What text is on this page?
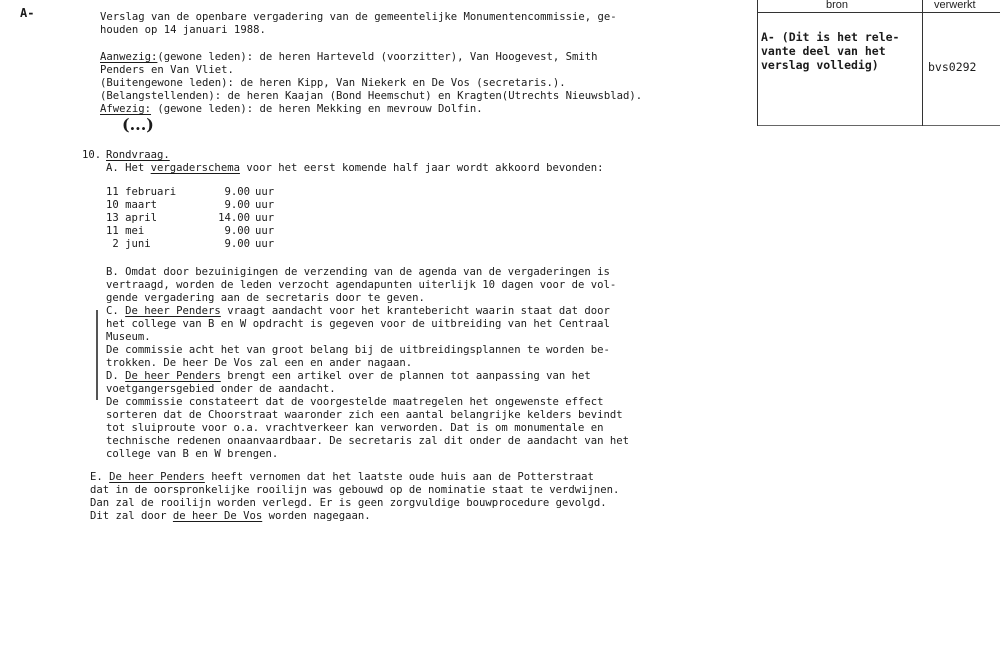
A-	Verslag van de openbare vergadering van de gemeentelijke Monumentencommissie, ge-
houden op 14 januari 1988.
Aanwezig:(gewone leden): de heren Harteveld (voorzitter), Van Hoogevest, Smith
Penders en Van Vliet.
(Buitengewone leden): de heren Kipp, Van Niekerk en De Vos (secretaris.).
(Belangstellenden): de heren Kaajan (Bond Heemschut) en Kragten(Utrechts Nieuwsblad).
Afwezig: (gewone leden): de heren Mekking en mevrouw Dolfin.
(...)
10. Rondvraag.
A. Het vergaderschema voor het eerst komende half jaar wordt akkoord bevonden:
11 februari	9.00	uur
10 maart	9.00	uur
13 april	14.00	uur
11 mei	9.00	uur
2 juni	9.00	uur
B. Omdat door bezuinigingen de verzending van de agenda van de vergaderingen is
vertraagd, worden de leden verzocht agendapunten uiterlijk 10 dagen voor de vol-
gende vergadering aan de secretaris door te geven.
C. De heer Penders vraagt aandacht voor het krantebericht waarin staat dat door
het college van B en W opdracht is gegeven voor de uitbreiding van het Centraal
Museum.
De commissie acht het van groot belang bij de uitbreidingsplannen te worden be-
trokken. De heer De Vos zal een en ander nagaan.
D. De heer Penders brengt een artikel over de plannen tot aanpassing van het
voetgangersgebied onder de aandacht.
De commissie constateert dat de voorgestelde maatregelen het ongewenste effect
sorteren dat de Choorstraat waaronder zich een aantal belangrijke kelders bevindt
tot sluiproute voor o.a. vrachtverkeer kan verworden. Dat is om monumentale en
technische redenen onaanvaardbaar. De secretaris zal dit onder de aandacht van het
college van B en W brengen.
E. De heer Penders heeft vernomen dat het laatste oude huis aan de Potterstraat
dat in de oorspronkelijke rooilijn was gebouwd op de nominatie staat te verdwijnen.
Dan zal de rooilijn worden verlegd. Er is geen zorgvuldige bouwprocedure gevolgd.
Dit zal door de heer De Vos worden nagegaan.
bron	verwerkt
A- (Dit is het rele-
vante deel van het
verslag volledig)	bvs0292
